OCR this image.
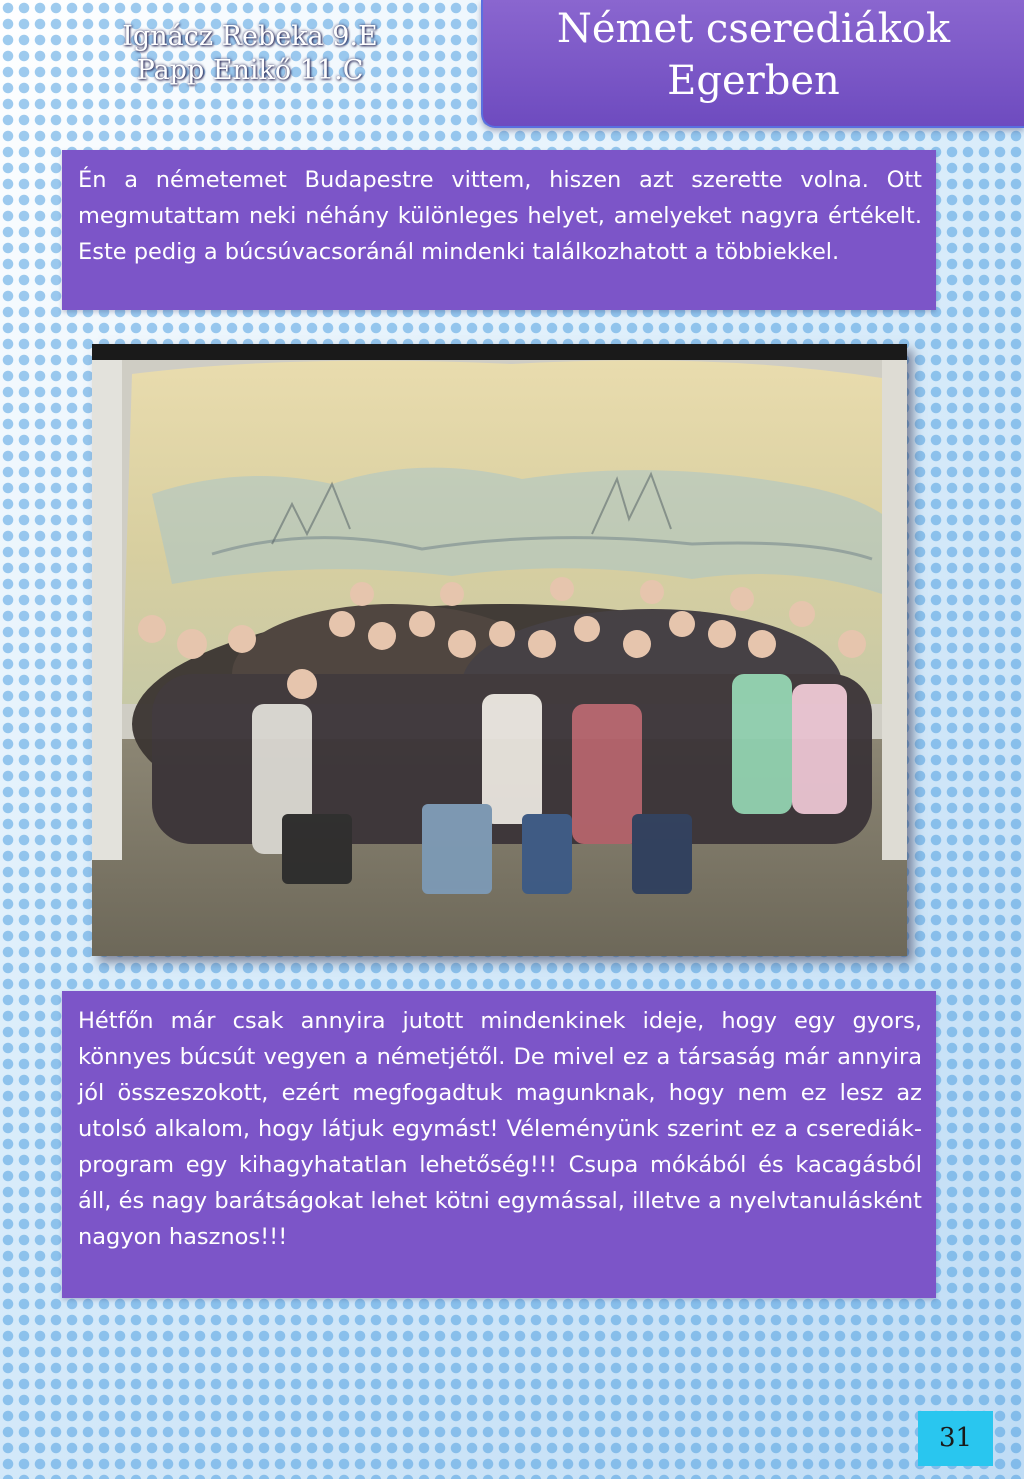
Ignácz Rebeka 9.E
Papp Enikő 11.C
Német cserediákok
Egerben
Én a németemet Budapestre vittem, hiszen azt szerette volna. Ott megmutattam neki néhány különleges helyet, amelyeket nagyra értékelt. Este pedig a búcsúvacsoránál mindenki találkozhatott a többiekkel.
Hétfőn már csak annyira jutott mindenkinek ideje, hogy egy gyors, könnyes búcsút vegyen a németjétől. De mivel ez a társaság már annyira jól összeszokott, ezért megfogadtuk magunknak, hogy nem ez lesz az utolsó alkalom, hogy látjuk egymást! Véleményünk szerint ez a cserediák-program egy kihagyhatatlan lehetőség!!! Csupa mókából és kacagásból áll, és nagy barátságokat lehet kötni egymással, illetve a nyelvtanulásként nagyon hasznos!!!
31
